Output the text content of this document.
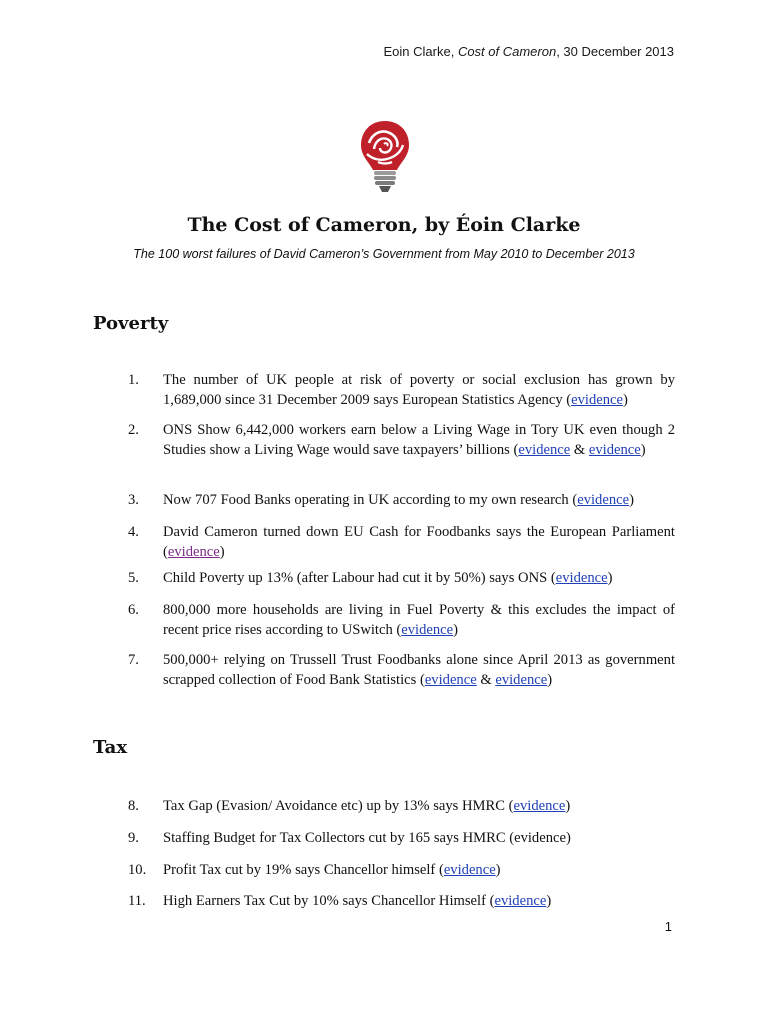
Eoin Clarke, Cost of Cameron, 30 December 2013
The Cost of Cameron, by Éoin Clarke

The 100 worst failures of David Cameron’s Government from May 2010 to December 2013

Poverty
1.	The number of UK people at risk of poverty or social exclusion has grown by 1,689,000 since 31 December 2009 says European Statistics Agency (evidence)
2.	ONS Show 6,442,000 workers earn below a Living Wage in Tory UK even though 2 Studies show a Living Wage would save taxpayers’ billions (evidence & evidence)
3.	Now 707 Food Banks operating in UK according to my own research (evidence)
4.	David Cameron turned down EU Cash for Foodbanks says the European Parliament (evidence)
5.	Child Poverty up 13% (after Labour had cut it by 50%) says ONS (evidence)
6.	800,000 more households are living in Fuel Poverty & this excludes the impact of recent price rises according to USwitch (evidence)
7.	500,000+ relying on Trussell Trust Foodbanks alone since April 2013 as government scrapped collection of Food Bank Statistics (evidence & evidence)
Tax
8.	Tax Gap (Evasion/ Avoidance etc) up by 13% says HMRC (evidence)
9.	Staffing Budget for Tax Collectors cut by 165 says HMRC (evidence)
10.	Profit Tax cut by 19% says Chancellor himself (evidence)
11.	High Earners Tax Cut by 10% says Chancellor Himself (evidence)
1
